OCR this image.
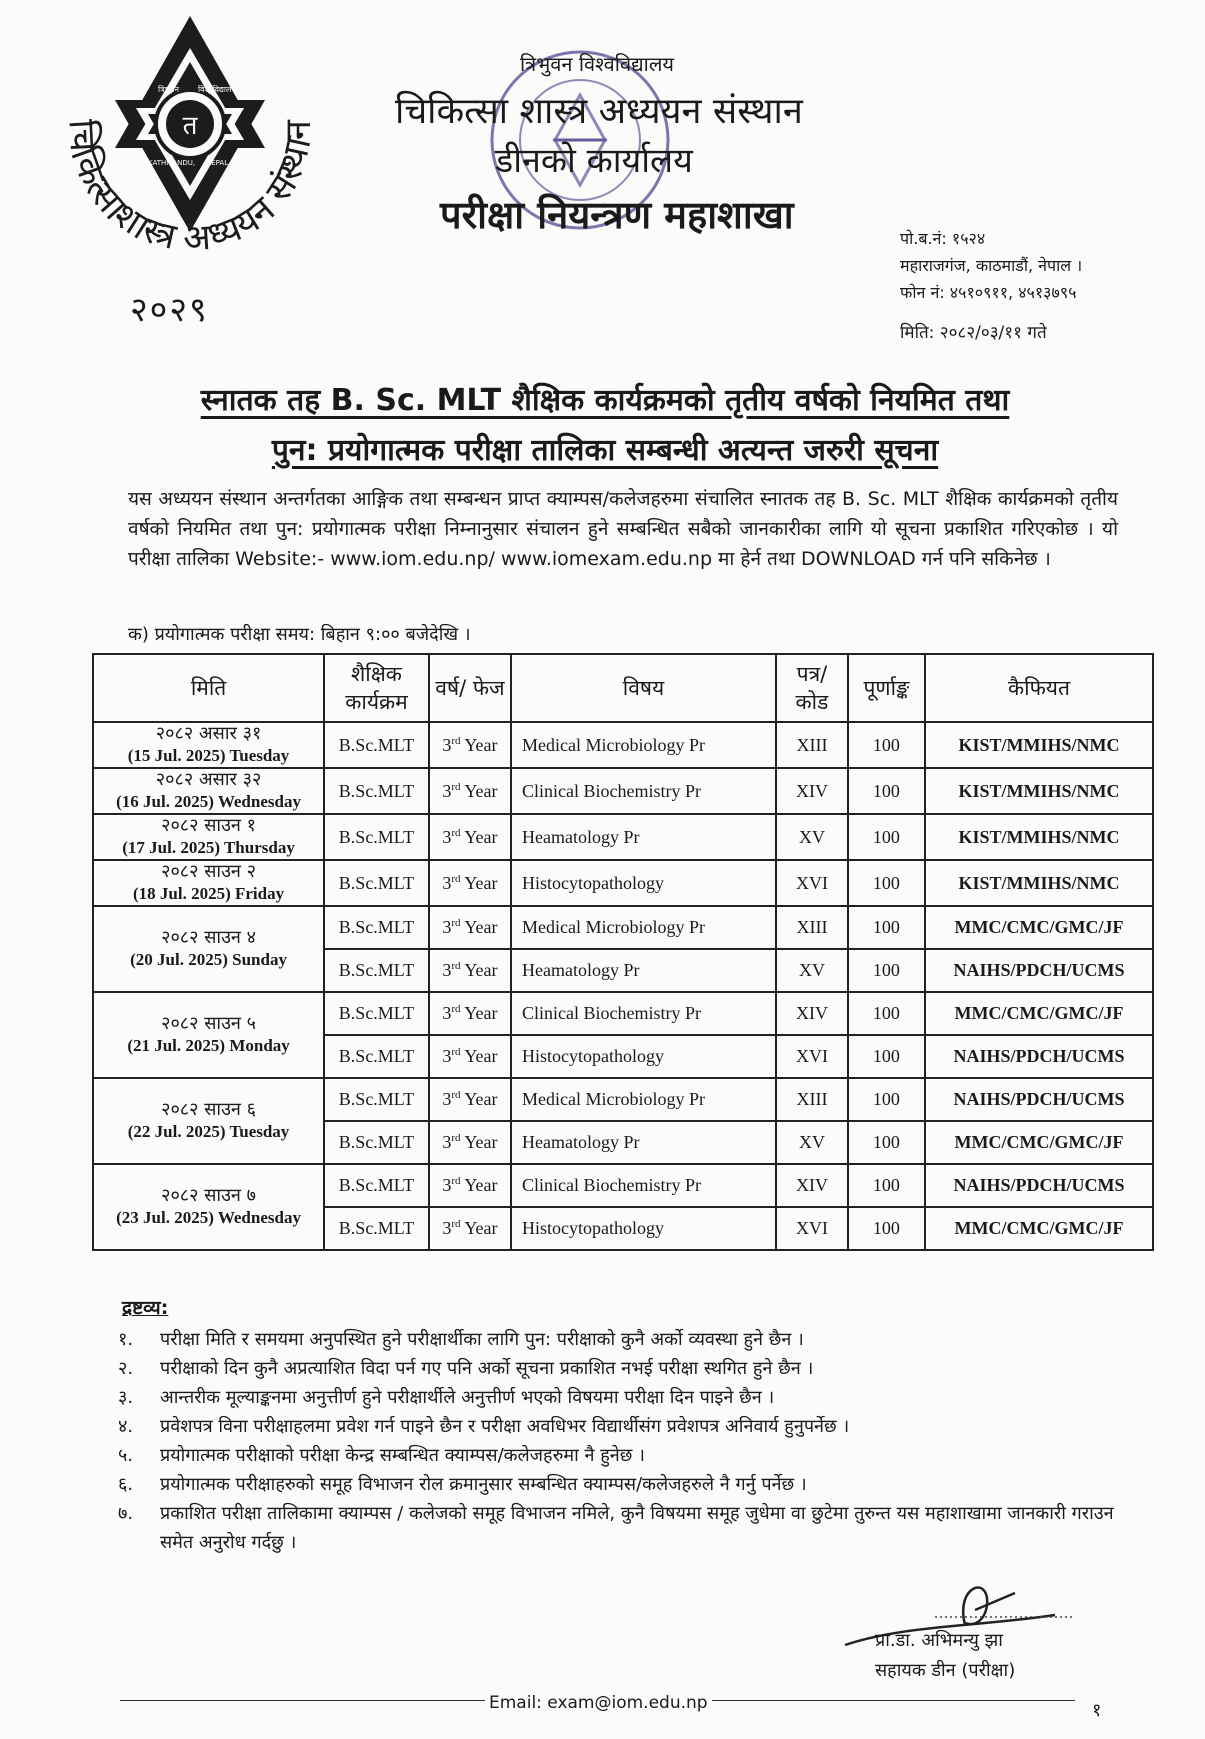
त
त्रिभुवन विश्वविद्यालय
KATHMANDU, NEPAL
चिकित्साशास्त्र अध्ययन संस्थान
२०२९
त्रिभुवन विश्वविद्यालय
चिकित्सा शास्त्र अध्ययन संस्थान
डीनको कार्यालय
परीक्षा नियन्त्रण महाशाखा
पो.ब.नं: १५२४
महाराजगंज, काठमाडौं, नेपाल ।
फोन नं: ४५१०९११, ४५१३७९५
मिति: २०८२/०३/११ गते
स्नातक तह B. Sc. MLT शैक्षिक कार्यक्रमको तृतीय वर्षको नियमित तथा
पुन: प्रयोगात्मक परीक्षा तालिका सम्बन्धी अत्यन्त जरुरी सूचना
यस अध्ययन संस्थान अन्तर्गतका आङ्गिक तथा सम्बन्धन प्राप्त क्याम्पस/कलेजहरुमा संचालित स्नातक तह B. Sc. MLT शैक्षिक कार्यक्रमको तृतीय वर्षको नियमित तथा पुन: प्रयोगात्मक परीक्षा निम्नानुसार संचालन हुने सम्बन्धित सबैको जानकारीका लागि यो सूचना प्रकाशित गरिएकोछ । यो परीक्षा तालिका Website:- www.iom.edu.np/ www.iomexam.edu.np मा हेर्न तथा DOWNLOAD गर्न पनि सकिनेछ ।
क) प्रयोगात्मक परीक्षा समय: बिहान ९:०० बजेदेखि ।
मिति	शैक्षिक कार्यक्रम	वर्ष/ फेज	विषय	पत्र/ कोड	पूर्णाङ्क	कैफियत

२०८२ असार ३१
(15 Jul. 2025) Tuesday	B.Sc.MLT	3rd Year	Medical Microbiology Pr	XIII	100	KIST/MMIHS/NMC

२०८२ असार ३२
(16 Jul. 2025) Wednesday	B.Sc.MLT	3rd Year	Clinical Biochemistry Pr	XIV	100	KIST/MMIHS/NMC

२०८२ साउन १
(17 Jul. 2025) Thursday	B.Sc.MLT	3rd Year	Heamatology Pr	XV	100	KIST/MMIHS/NMC

२०८२ साउन २
(18 Jul. 2025) Friday	B.Sc.MLT	3rd Year	Histocytopathology	XVI	100	KIST/MMIHS/NMC

२०८२ साउन ४
(20 Jul. 2025) Sunday	B.Sc.MLT	3rd Year	Medical Microbiology Pr	XIII	100	MMC/CMC/GMC/JF
	B.Sc.MLT	3rd Year	Heamatology Pr	XV	100	NAIHS/PDCH/UCMS

२०८२ साउन ५
(21 Jul. 2025) Monday	B.Sc.MLT	3rd Year	Clinical Biochemistry Pr	XIV	100	MMC/CMC/GMC/JF
	B.Sc.MLT	3rd Year	Histocytopathology	XVI	100	NAIHS/PDCH/UCMS

२०८२ साउन ६
(22 Jul. 2025) Tuesday	B.Sc.MLT	3rd Year	Medical Microbiology Pr	XIII	100	NAIHS/PDCH/UCMS
	B.Sc.MLT	3rd Year	Heamatology Pr	XV	100	MMC/CMC/GMC/JF

२०८२ साउन ७
(23 Jul. 2025) Wednesday	B.Sc.MLT	3rd Year	Clinical Biochemistry Pr	XIV	100	NAIHS/PDCH/UCMS
	B.Sc.MLT	3rd Year	Histocytopathology	XVI	100	MMC/CMC/GMC/JF
द्रष्टव्य:
१.	परीक्षा मिति र समयमा अनुपस्थित हुने परीक्षार्थीका लागि पुन: परीक्षाको कुनै अर्को व्यवस्था हुने छैन ।
२.	परीक्षाको दिन कुनै अप्रत्याशित विदा पर्न गए पनि अर्को सूचना प्रकाशित नभई परीक्षा स्थगित हुने छैन ।
३.	आन्तरीक मूल्याङ्कनमा अनुत्तीर्ण हुने परीक्षार्थीले अनुत्तीर्ण भएको विषयमा परीक्षा दिन पाइने छैन ।
४.	प्रवेशपत्र विना परीक्षाहलमा प्रवेश गर्न पाइने छैन र परीक्षा अवधिभर विद्यार्थीसंग प्रवेशपत्र अनिवार्य हुनुपर्नेछ ।
५.	प्रयोगात्मक परीक्षाको परीक्षा केन्द्र सम्बन्धित क्याम्पस/कलेजहरुमा नै हुनेछ ।
६.	प्रयोगात्मक परीक्षाहरुको समूह विभाजन रोल क्रमानुसार सम्बन्धित क्याम्पस/कलेजहरुले नै गर्नु पर्नेछ ।
७.	प्रकाशित परीक्षा तालिकामा क्याम्पस / कलेजको समूह विभाजन नमिले, कुनै विषयमा समूह जुधेमा वा छुटेमा तुरुन्त यस महाशाखामा जानकारी गराउन समेत अनुरोध गर्दछु ।
प्रा.डा. अभिमन्यु झा
सहायक डीन (परीक्षा)
Email: exam@iom.edu.np	१
